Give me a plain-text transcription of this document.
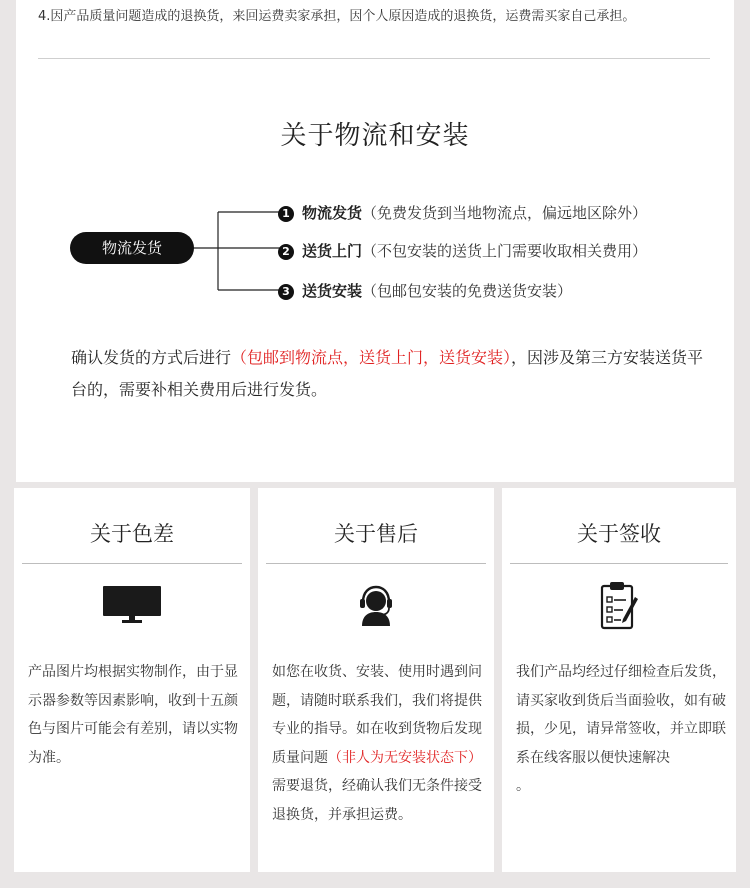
4.因产品质量问题造成的退换货，来回运费卖家承担，因个人原因造成的退换货，运费需买家自己承担。
关于物流和安装
物流发货
1 物流发货（免费发货到当地物流点，偏远地区除外）
2 送货上门（不包安装的送货上门需要收取相关费用）
3 送货安装（包邮包安装的免费送货安装）
确认发货的方式后进行（包邮到物流点，送货上门，送货安装），因涉及第三方安装送货平台的，需要补相关费用后进行发货。
关于色差
产品图片均根据实物制作，由于显示器参数等因素影响，收到十五颜色与图片可能会有差别，请以实物为准。
关于售后
如您在收货、安装、使用时遇到问题，请随时联系我们，我们将提供专业的指导。如在收到货物后发现质量问题（非人为无安装状态下）需要退货，经确认我们无条件接受退换货，并承担运费。
关于签收
我们产品均经过仔细检查后发货，请买家收到货后当面验收，如有破损，少见，请异常签收，并立即联系在线客服以便快速解决
。
